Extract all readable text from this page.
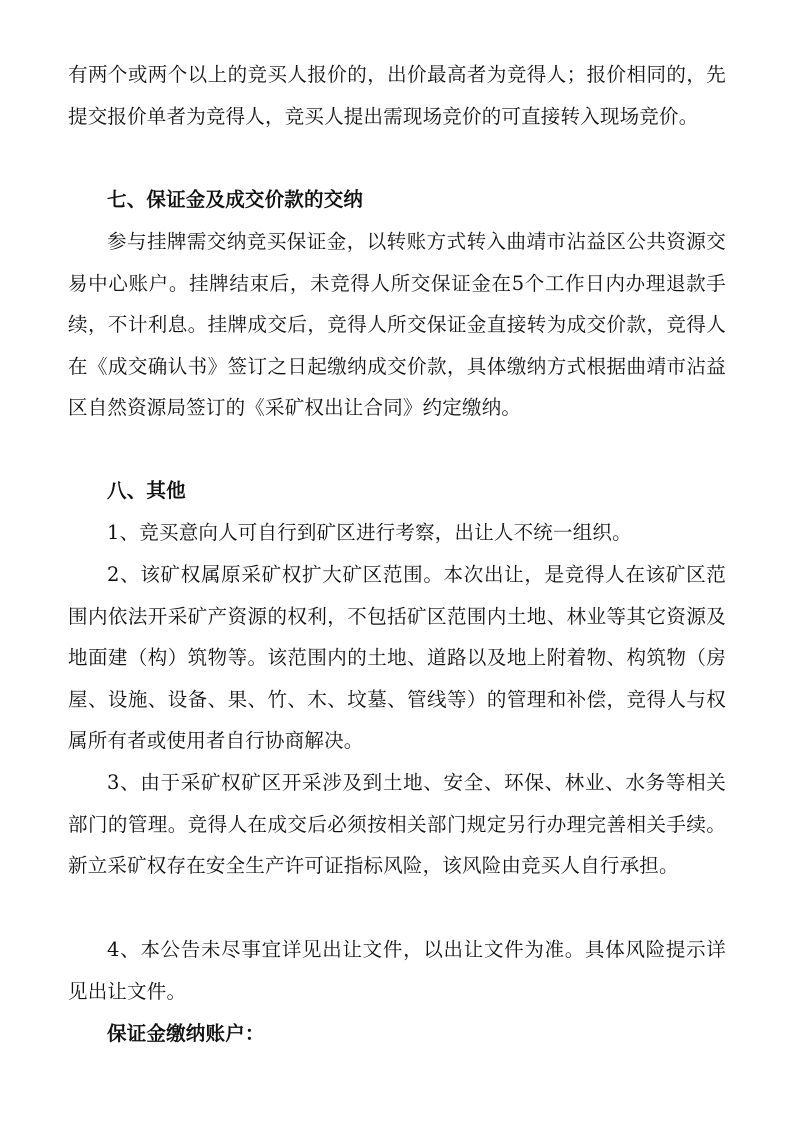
有两个或两个以上的竞买人报价的，出价最高者为竞得人；报价相同的，先提交报价单者为竞得人，竞买人提出需现场竞价的可直接转入现场竞价。

七、保证金及成交价款的交纳

参与挂牌需交纳竞买保证金，以转账方式转入曲靖市沾益区公共资源交易中心账户。挂牌结束后，未竞得人所交保证金在5个工作日内办理退款手续，不计利息。挂牌成交后，竞得人所交保证金直接转为成交价款，竞得人在《成交确认书》签订之日起缴纳成交价款，具体缴纳方式根据曲靖市沾益区自然资源局签订的《采矿权出让合同》约定缴纳。

八、其他

1、竞买意向人可自行到矿区进行考察，出让人不统一组织。

2、该矿权属原采矿权扩大矿区范围。本次出让，是竞得人在该矿区范围内依法开采矿产资源的权利，不包括矿区范围内土地、林业等其它资源及地面建（构）筑物等。该范围内的土地、道路以及地上附着物、构筑物（房屋、设施、设备、果、竹、木、坟墓、管线等）的管理和补偿，竞得人与权属所有者或使用者自行协商解决。

3、由于采矿权矿区开采涉及到土地、安全、环保、林业、水务等相关部门的管理。竞得人在成交后必须按相关部门规定另行办理完善相关手续。新立采矿权存在安全生产许可证指标风险，该风险由竞买人自行承担。

4、本公告未尽事宜详见出让文件，以出让文件为准。具体风险提示详见出让文件。

保证金缴纳账户：
